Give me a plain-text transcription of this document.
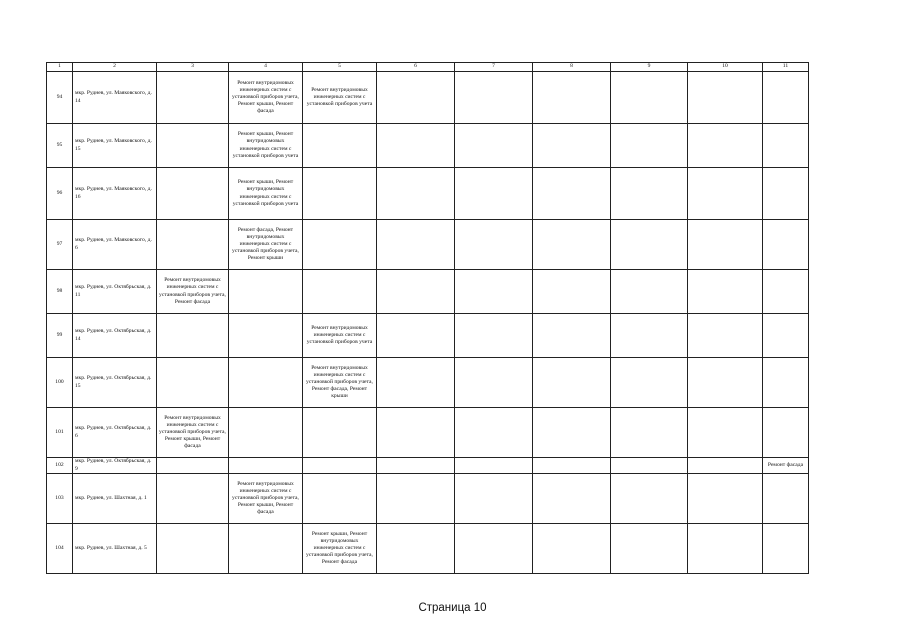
1	2	3	4	5	6	7	8	9	10	11
94	мкр. Руднев, ул. Маяковского, д. 14		Ремонт внутридомовых инженерных систем с установкой приборов учета, Ремонт крыши, Ремонт фасада	Ремонт внутридомовых инженерных систем с установкой приборов учета						
95	мкр. Руднев, ул. Маяковского, д. 15		Ремонт крыши, Ремонт внутридомовых инженерных систем с установкой приборов учета							
96	мкр. Руднев, ул. Маяковского, д. 16		Ремонт крыши, Ремонт внутридомовых инженерных систем с установкой приборов учета							
97	мкр. Руднев, ул. Маяковского, д. 6		Ремонт фасада, Ремонт внутридомовых инженерных систем с установкой приборов учета, Ремонт крыши							
98	мкр. Руднев, ул. Октябрьская, д. 11	Ремонт внутридомовых инженерных систем с установкой приборов учета, Ремонт фасада								
99	мкр. Руднев, ул. Октябрьская, д. 14			Ремонт внутридомовых инженерных систем с установкой приборов учета						
100	мкр. Руднев, ул. Октябрьская, д. 15			Ремонт внутридомовых инженерных систем с установкой приборов учета, Ремонт фасада, Ремонт крыши						
101	мкр. Руднев, ул. Октябрьская, д. 6	Ремонт внутридомовых инженерных систем с установкой приборов учета, Ремонт крыши, Ремонт фасада								
102	мкр. Руднев, ул. Октябрьская, д. 9									Ремонт фасада
103	мкр. Руднев, ул. Шахтная, д. 1		Ремонт внутридомовых инженерных систем с установкой приборов учета, Ремонт крыши, Ремонт фасада							
104	мкр. Руднев, ул. Шахтная, д. 5			Ремонт крыши, Ремонт внутридомовых инженерных систем с установкой приборов учета, Ремонт фасада						
Страница 10
